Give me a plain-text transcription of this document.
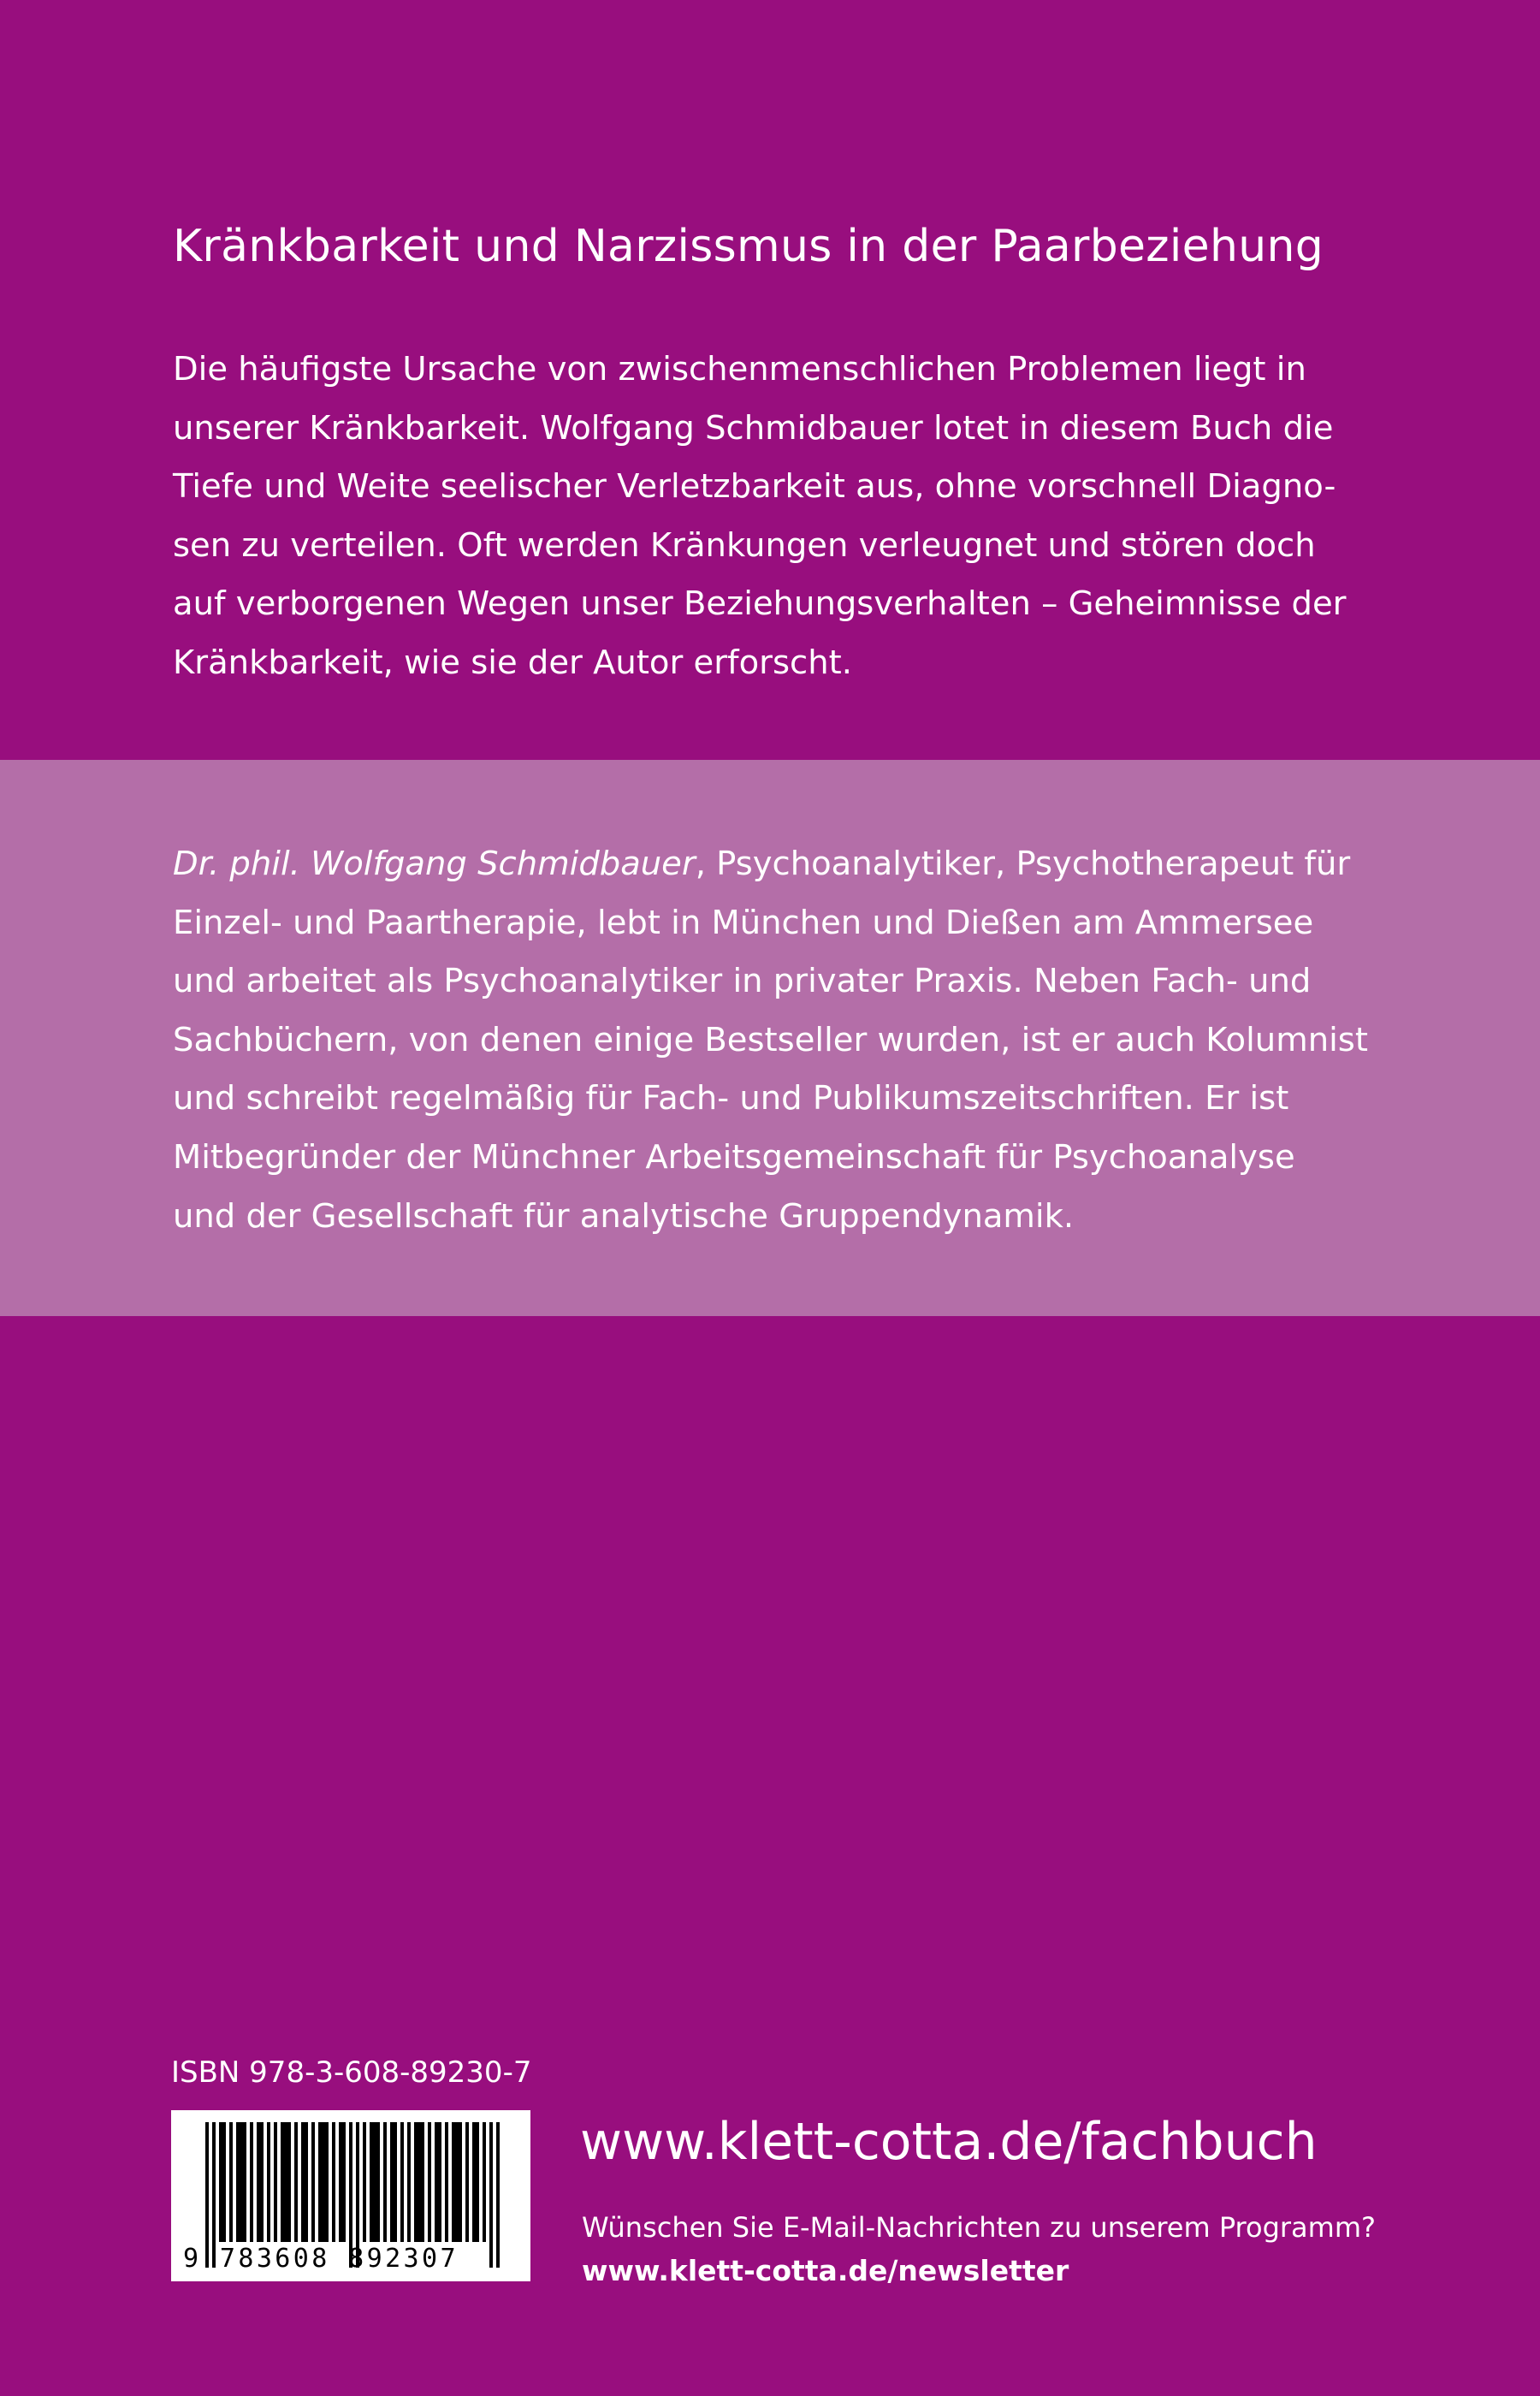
Kränkbarkeit und Narzissmus in der Paarbeziehung
Die häufigste Ursache von zwischenmenschlichen Problemen liegt in
unserer Kränkbarkeit. Wolfgang Schmidbauer lotet in diesem Buch die
Tiefe und Weite seelischer Verletzbarkeit aus, ohne vorschnell Diagno-
sen zu verteilen. Oft werden Kränkungen verleugnet und stören doch
auf verborgenen Wegen unser Beziehungsverhalten – Geheimnisse der
Kränkbarkeit, wie sie der Autor erforscht.
Dr. phil. Wolfgang Schmidbauer, Psychoanalytiker, Psychotherapeut für
Einzel- und Paartherapie, lebt in München und Dießen am Ammersee
und arbeitet als Psychoanalytiker in privater Praxis. Neben Fach- und
Sachbüchern, von denen einige Bestseller wurden, ist er auch Kolumnist
und schreibt regelmäßig für Fach- und Publikumszeitschriften. Er ist
Mitbegründer der Münchner Arbeitsgemeinschaft für Psychoanalyse
und der Gesellschaft für analytische Gruppendynamik.
ISBN 978-3-608-89230-7
9 783608 892307
www.klett-cotta.de/fachbuch
Wünschen Sie E-Mail-Nachrichten zu unserem Programm?
www.klett-cotta.de/newsletter
